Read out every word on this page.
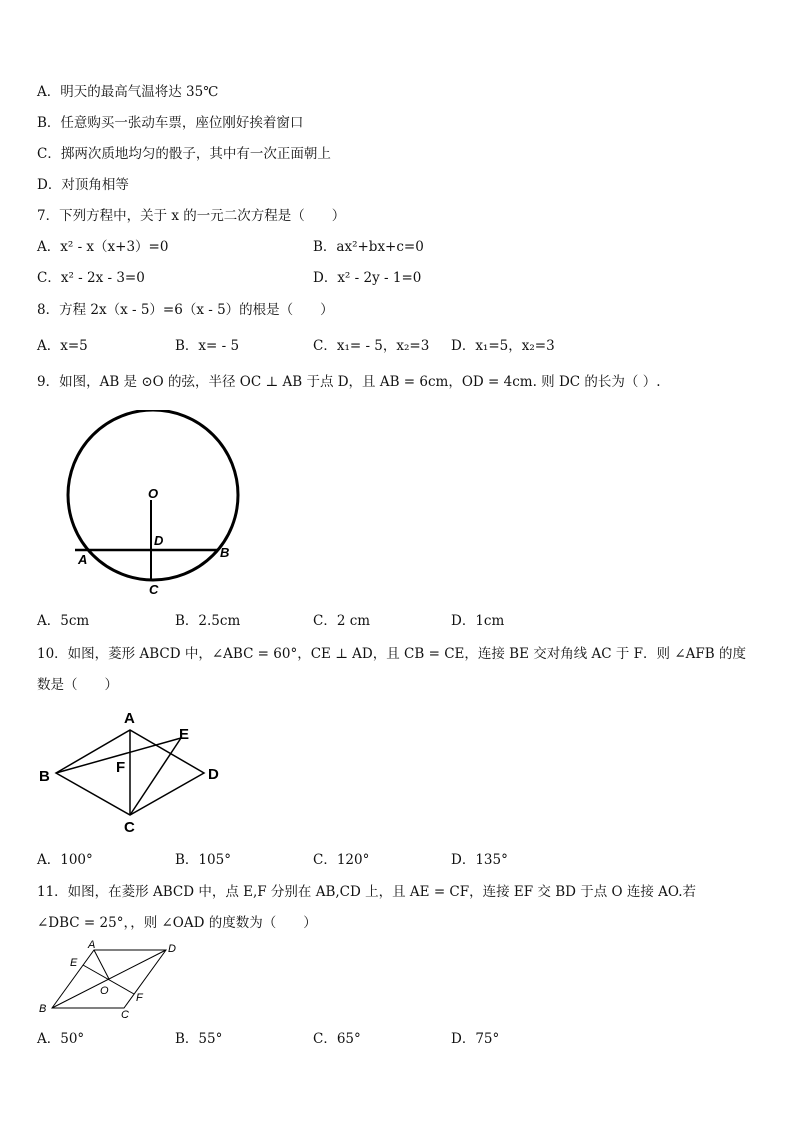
A．明天的最高气温将达 35℃
B．任意购买一张动车票，座位刚好挨着窗口
C．掷两次质地均匀的骰子，其中有一次正面朝上
D．对顶角相等
7．下列方程中，关于 x 的一元二次方程是（　　）
A．x² - x（x+3）=0	B．ax²+bx+c=0
C．x² - 2x - 3=0	D．x² - 2y - 1=0
8．方程 2x（x - 5）=6（x - 5）的根是（　　）
A．x=5	B．x= - 5	C．x₁= - 5，x₂=3 D．x₁=5，x₂=3
9．如图，AB 是 ⊙O 的弦，半径 OC ⊥ AB 于点 D，且 AB = 6cm，OD = 4cm. 则 DC 的长为（ ）.
O
D
A	B
C
A．5cm	B．2.5cm	C．2 cm	D．1cm
10．如图，菱形 ABCD 中，∠ABC = 60°，CE ⊥ AD，且 CB = CE，连接 BE 交对角线 AC 于 F．则 ∠AFB 的度
数是（　　）
A
B
C
D
E
F
A．100°	B．105°	C．120°	D．135°
11．如图，在菱形 ABCD 中，点 E,F 分别在 AB,CD 上，且 AE = CF，连接 EF 交 BD 于点 O 连接 AO.若
∠DBC = 25°，，则 ∠OAD 的度数为（　　）
A
B	C
D
E
F
O
A．50°	B．55°	C．65°	D．75°
